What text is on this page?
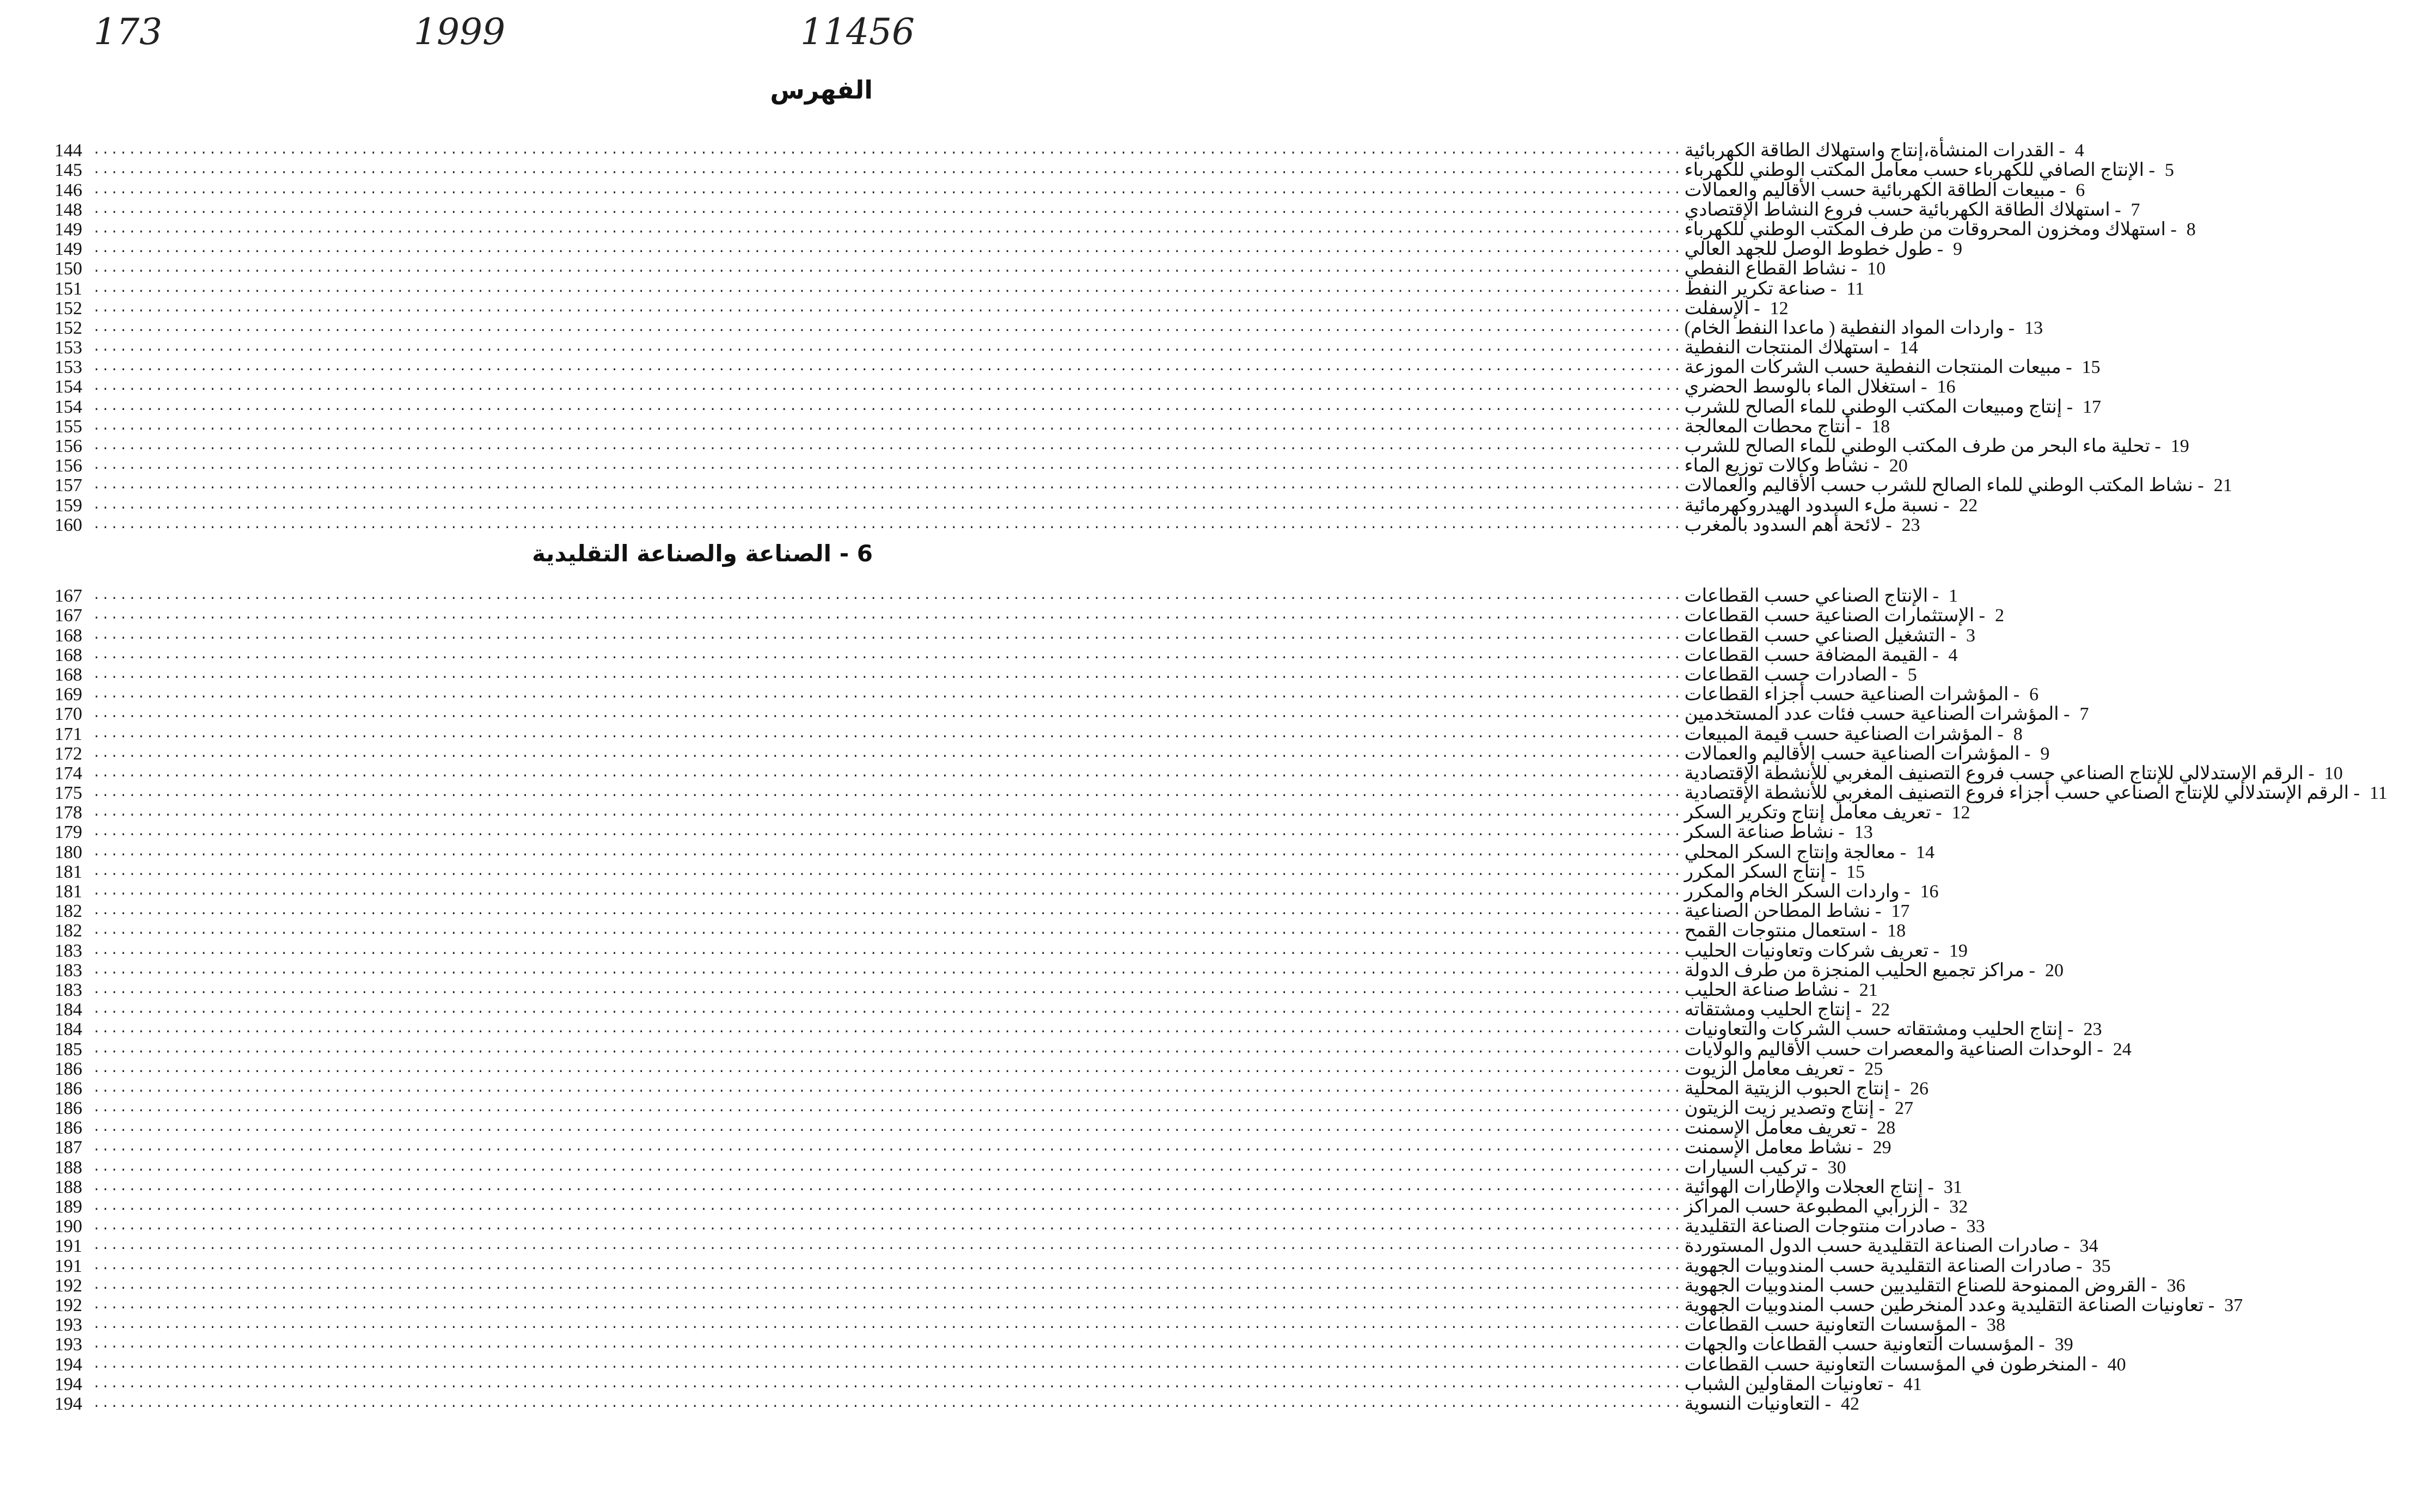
173	1999	11456
الفهرس
144 .................................................................................................................................................................................. - القدرات المنشأة،إنتاج واستهلاك الطاقة الكهربائية 4
145 .................................................................................................................................................................................. - الإنتاج الصافي للكهرباء حسب معامل المكتب الوطني للكهرباء 5
146 .................................................................................................................................................................................. - مبيعات الطاقة الكهربائية حسب الأقاليم والعمالات 6
148 .................................................................................................................................................................................. - استهلاك الطاقة الكهربائية حسب فروع النشاط الإقتصادي 7
149 .................................................................................................................................................................................. - استهلاك ومخزون المحروقات من طرف المكتب الوطني للكهرباء 8
149 .................................................................................................................................................................................. - طول خطوط الوصل للجهد العالي 9
150 .................................................................................................................................................................................. - نشاط القطاع النفطي 10
151 .................................................................................................................................................................................. - صناعة تكرير النفط 11
152 .................................................................................................................................................................................. - الإسفلت 12
152 .................................................................................................................................................................................. - واردات المواد النفطية ( ماعدا النفط الخام) 13
153 .................................................................................................................................................................................. - استهلاك المنتجات النفطية 14
153 .................................................................................................................................................................................. - مبيعات المنتجات النفطية حسب الشركات الموزعة 15
154 .................................................................................................................................................................................. - استغلال الماء بالوسط الحضري 16
154 .................................................................................................................................................................................. - إنتاج ومبيعات المكتب الوطني للماء الصالح للشرب 17
155 .................................................................................................................................................................................. - أنتاج محطات المعالجة 18
156 .................................................................................................................................................................................. - تحلية ماء البحر من طرف المكتب الوطني للماء الصالح للشرب 19
156 .................................................................................................................................................................................. - نشاط وكالات توزيع الماء 20
157 .................................................................................................................................................................................. - نشاط المكتب الوطني للماء الصالح للشرب حسب الأقاليم والعمالات 21
159 .................................................................................................................................................................................. - نسبة ملء السدود الهيدروكهرمائية 22
160 .................................................................................................................................................................................. - لائحة أهم السدود بالمغرب 23
6 - الصناعة والصناعة التقليدية
167 .................................................................................................................................................................................. - الإنتاج الصناعي حسب القطاعات 1
167 .................................................................................................................................................................................. - الإستثمارات الصناعية حسب القطاعات 2
168 .................................................................................................................................................................................. - التشغيل الصناعي حسب القطاعات 3
168 .................................................................................................................................................................................. - القيمة المضافة حسب القطاعات 4
168 .................................................................................................................................................................................. - الصادرات حسب القطاعات 5
169 .................................................................................................................................................................................. - المؤشرات الصناعية حسب أجزاء القطاعات 6
170 .................................................................................................................................................................................. - المؤشرات الصناعية حسب فئات عدد المستخدمين 7
171 .................................................................................................................................................................................. - المؤشرات الصناعية حسب قيمة المبيعات 8
172 .................................................................................................................................................................................. - المؤشرات الصناعية حسب الأقاليم والعمالات 9
174 .................................................................................................................................................................................. - الرقم الإستدلالي للإنتاج الصناعي حسب فروع التصنيف المغربي للأنشطة الإقتصادية 10
175 .................................................................................................................................................................................. - الرقم الإستدلالي للإنتاج الصناعي حسب أجزاء فروع التصنيف المغربي للأنشطة الإقتصادية 11
178 .................................................................................................................................................................................. - تعريف معامل إنتاج وتكرير السكر 12
179 .................................................................................................................................................................................. - نشاط صناعة السكر 13
180 .................................................................................................................................................................................. - معالجة وإنتاج السكر المحلي 14
181 .................................................................................................................................................................................. - إنتاج السكر المكرر 15
181 .................................................................................................................................................................................. - واردات السكر الخام والمكرر 16
182 .................................................................................................................................................................................. - نشاط المطاحن الصناعية 17
182 .................................................................................................................................................................................. - استعمال منتوجات القمح 18
183 .................................................................................................................................................................................. - تعريف شركات وتعاونيات الحليب 19
183 .................................................................................................................................................................................. - مراكز تجميع الحليب المنجزة من طرف الدولة 20
183 .................................................................................................................................................................................. - نشاط صناعة الحليب 21
184 .................................................................................................................................................................................. - إنتاج الحليب ومشتقاته 22
184 .................................................................................................................................................................................. - إنتاج الحليب ومشتقاته حسب الشركات والتعاونيات 23
185 .................................................................................................................................................................................. - الوحدات الصناعية والمعصرات حسب الأقاليم والولايات 24
186 .................................................................................................................................................................................. - تعريف معامل الزيوت 25
186 .................................................................................................................................................................................. - إنتاج الحبوب الزيتية المحلية 26
186 .................................................................................................................................................................................. - إنتاج وتصدير زيت الزيتون 27
186 .................................................................................................................................................................................. - تعريف معامل الإسمنت 28
187 .................................................................................................................................................................................. - نشاط معامل الإسمنت 29
188 .................................................................................................................................................................................. - تركيب السيارات 30
188 .................................................................................................................................................................................. - إنتاج العجلات والإطارات الهوائية 31
189 .................................................................................................................................................................................. - الزرابي المطبوعة حسب المراكز 32
190 .................................................................................................................................................................................. - صادرات منتوجات الصناعة التقليدية 33
191 .................................................................................................................................................................................. - صادرات الصناعة التقليدية حسب الدول المستوردة 34
191 .................................................................................................................................................................................. - صادرات الصناعة التقليدية حسب المندوبيات الجهوية 35
192 .................................................................................................................................................................................. - القروض الممنوحة للصناع التقليديين حسب المندوبيات الجهوية 36
192 .................................................................................................................................................................................. - تعاونيات الصناعة التقليدية وعدد المنخرطين حسب المندوبيات الجهوية 37
193 .................................................................................................................................................................................. - المؤسسات التعاونية حسب القطاعات 38
193 .................................................................................................................................................................................. - المؤسسات التعاونية حسب القطاعات والجهات 39
194 .................................................................................................................................................................................. - المنخرطون في المؤسسات التعاونية حسب القطاعات 40
194 .................................................................................................................................................................................. - تعاونيات المقاولين الشباب 41
194 .................................................................................................................................................................................. - التعاونيات النسوية 42
